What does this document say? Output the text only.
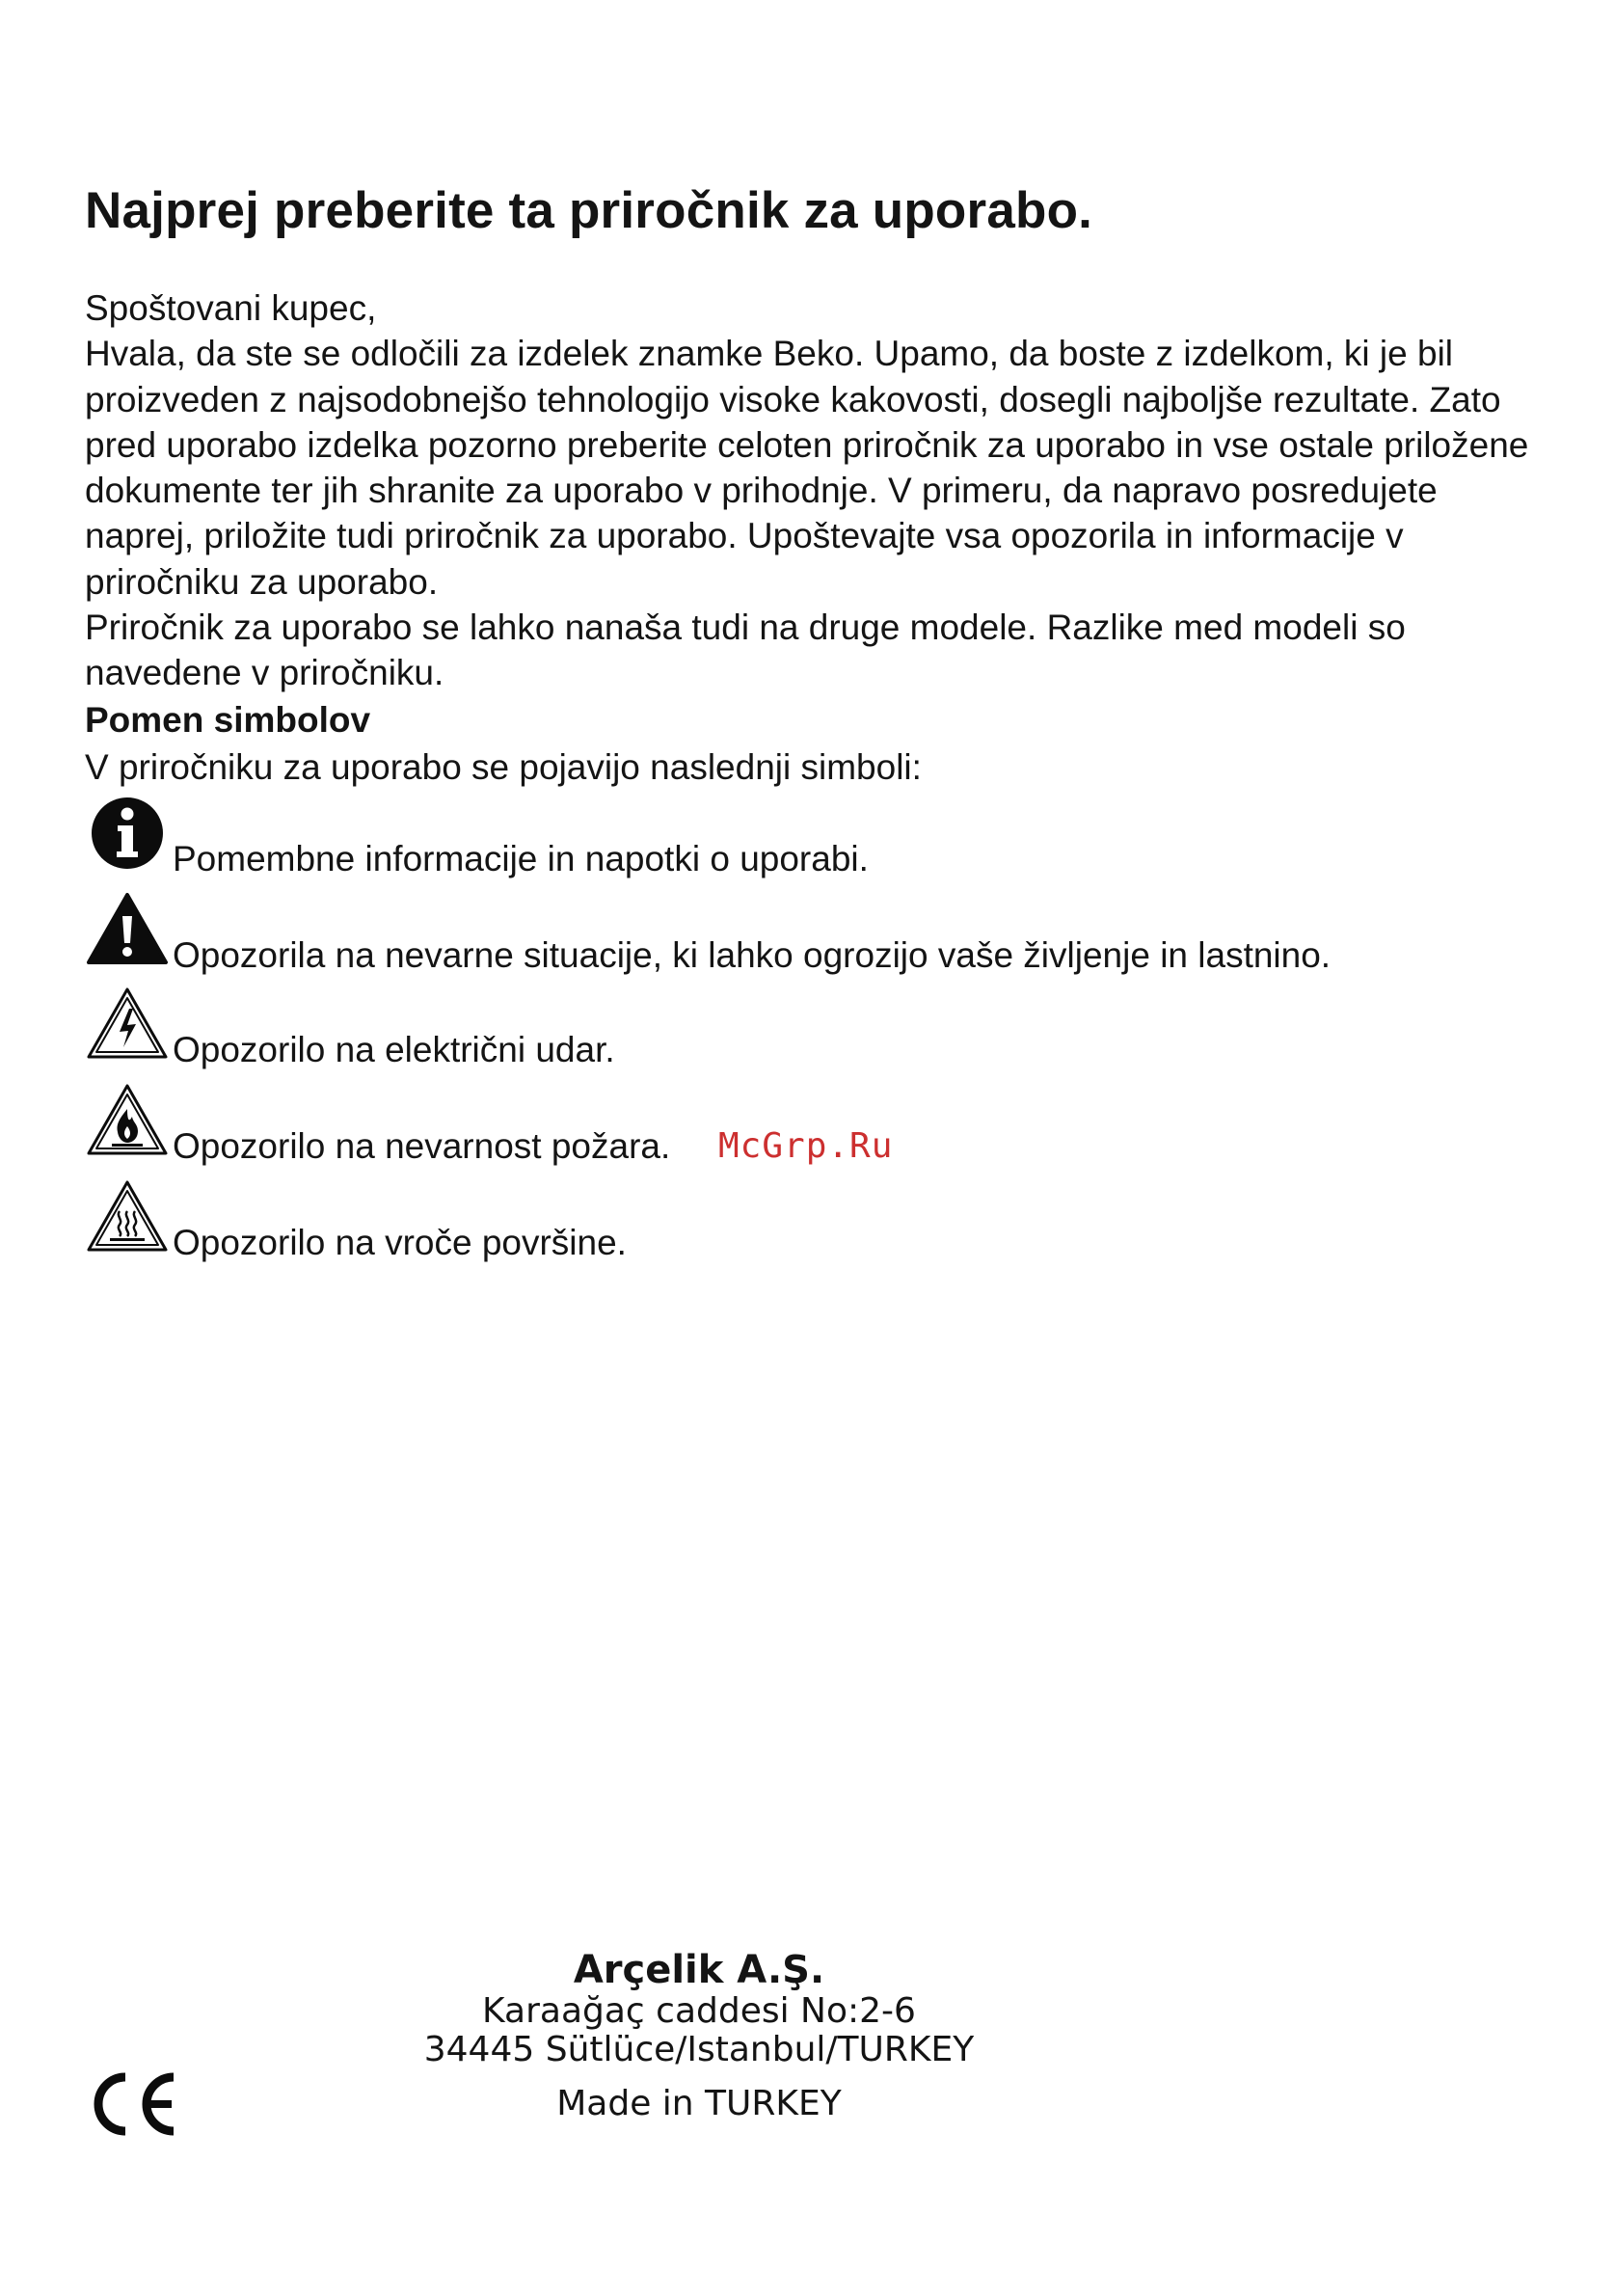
Najprej preberite ta priročnik za uporabo.

Spoštovani kupec,

Hvala, da ste se odločili za izdelek znamke Beko. Upamo, da boste z izdelkom, ki je bil proizveden z najsodobnejšo tehnologijo visoke kakovosti, dosegli najboljše rezultate. Zato pred uporabo izdelka pozorno preberite celoten priročnik za uporabo in vse ostale priložene dokumente ter jih shranite za uporabo v prihodnje. V primeru, da napravo posredujete naprej, priložite tudi priročnik za uporabo. Upoštevajte vsa opozorila in informacije v priročniku za uporabo.

Priročnik za uporabo se lahko nanaša tudi na druge modele. Razlike med modeli so navedene v priročniku.

Pomen simbolov

V priročniku za uporabo se pojavijo naslednji simboli:

Pomembne informacije in napotki o uporabi.
Opozorila na nevarne situacije, ki lahko ogrozijo vaše življenje in lastnino.
Opozorilo na električni udar.
Opozorilo na nevarnost požara.
Opozorilo na vroče površine.
McGrp.Ru
Arçelik A.Ş.
Karaağaç caddesi No:2-6
34445 Sütlüce/Istanbul/TURKEY
Made in TURKEY
